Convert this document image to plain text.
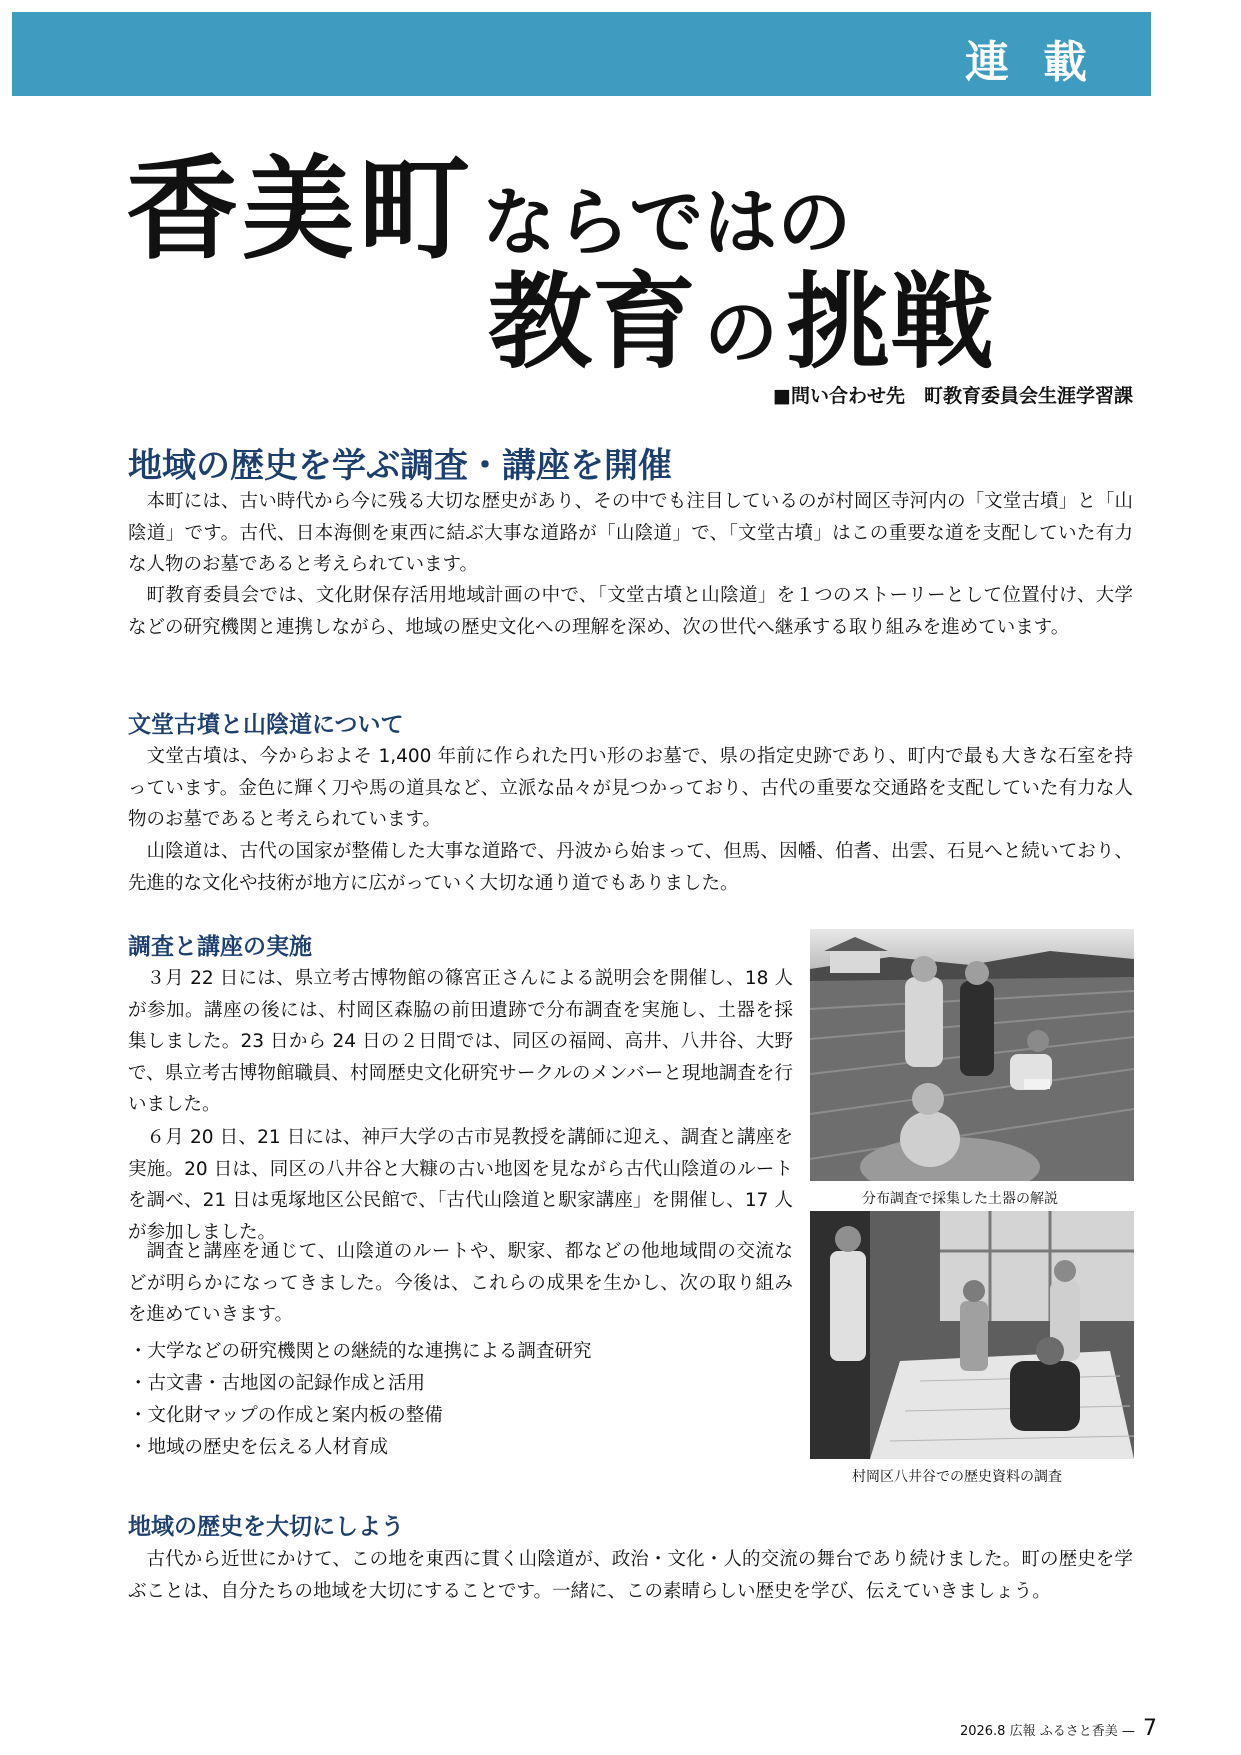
連載
香美町 ならではの
教育 の挑戦
■問い合わせ先　町教育委員会生涯学習課
地域の歴史を学ぶ調査・講座を開催

本町には、古い時代から今に残る大切な歴史があり、その中でも注目しているのが村岡区寺河内の「文堂古墳」と「山陰道」です。古代、日本海側を東西に結ぶ大事な道路が「山陰道」で、「文堂古墳」はこの重要な道を支配していた有力な人物のお墓であると考えられています。

町教育委員会では、文化財保存活用地域計画の中で、「文堂古墳と山陰道」を１つのストーリーとして位置付け、大学などの研究機関と連携しながら、地域の歴史文化への理解を深め、次の世代へ継承する取り組みを進めています。

文堂古墳と山陰道について

文堂古墳は、今からおよそ 1,400 年前に作られた円い形のお墓で、県の指定史跡であり、町内で最も大きな石室を持っています。金色に輝く刀や馬の道具など、立派な品々が見つかっており、古代の重要な交通路を支配していた有力な人物のお墓であると考えられています。

山陰道は、古代の国家が整備した大事な道路で、丹波から始まって、但馬、因幡、伯耆、出雲、石見へと続いており、先進的な文化や技術が地方に広がっていく大切な通り道でもありました。

調査と講座の実施

３月 22 日には、県立考古博物館の篠宮正さんによる説明会を開催し、18 人が参加。講座の後には、村岡区森脇の前田遺跡で分布調査を実施し、土器を採集しました。23 日から 24 日の２日間では、同区の福岡、高井、八井谷、大野で、県立考古博物館職員、村岡歴史文化研究サークルのメンバーと現地調査を行いました。

６月 20 日、21 日には、神戸大学の古市晃教授を講師に迎え、調査と講座を実施。20 日は、同区の八井谷と大糠の古い地図を見ながら古代山陰道のルートを調べ、21 日は兎塚地区公民館で、「古代山陰道と駅家講座」を開催し、17 人が参加しました。

調査と講座を通じて、山陰道のルートや、駅家、都などの他地域間の交流などが明らかになってきました。今後は、これらの成果を生かし、次の取り組みを進めていきます。

・大学などの研究機関との継続的な連携による調査研究
・古文書・古地図の記録作成と活用
・文化財マップの作成と案内板の整備
・地域の歴史を伝える人材育成
分布調査で採集した土器の解説
村岡区八井谷での歴史資料の調査
地域の歴史を大切にしよう

古代から近世にかけて、この地を東西に貫く山陰道が、政治・文化・人的交流の舞台であり続けました。町の歴史を学ぶことは、自分たちの地域を大切にすることです。一緒に、この素晴らしい歴史を学び、伝えていきましょう。

2026.8 広報 ふるさと香美 — 7
